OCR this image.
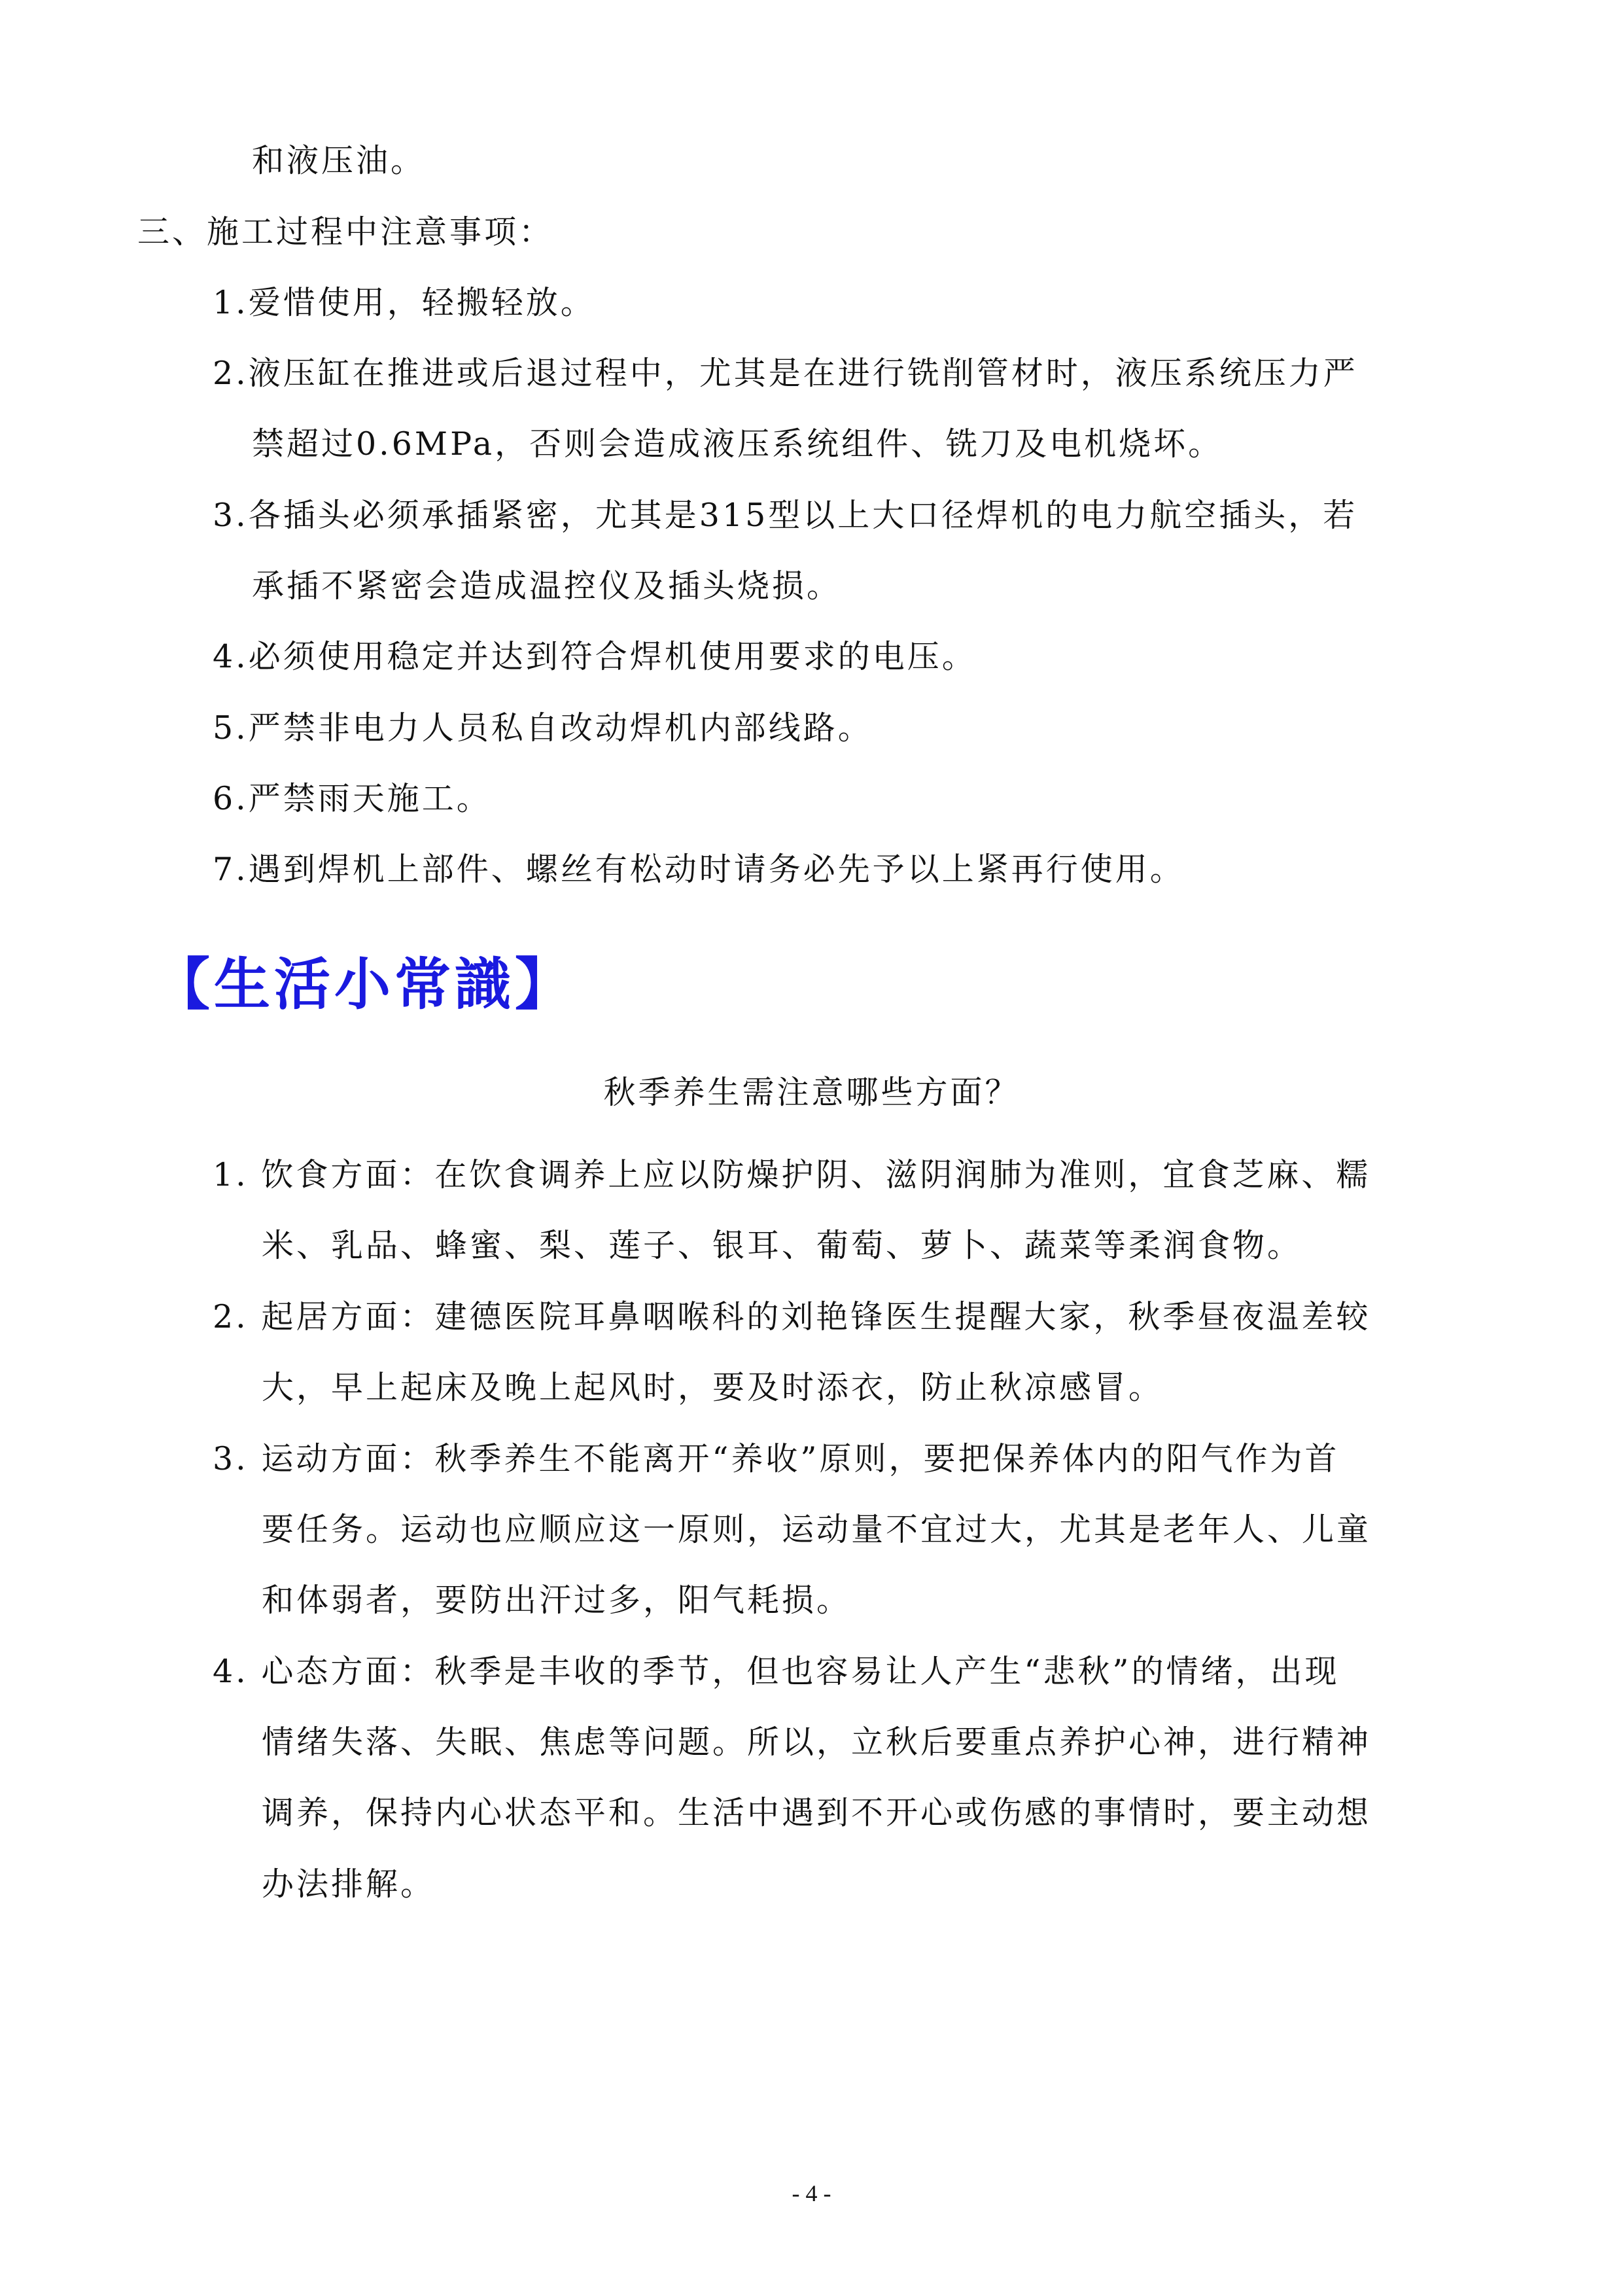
和液压油。
三、施工过程中注意事项：
1.爱惜使用，轻搬轻放。
2.液压缸在推进或后退过程中，尤其是在进行铣削管材时，液压系统压力严
禁超过0.6MPa，否则会造成液压系统组件、铣刀及电机烧坏。
3.各插头必须承插紧密，尤其是315型以上大口径焊机的电力航空插头，若
承插不紧密会造成温控仪及插头烧损。
4.必须使用稳定并达到符合焊机使用要求的电压。
5.严禁非电力人员私自改动焊机内部线路。
6.严禁雨天施工。
7.遇到焊机上部件、螺丝有松动时请务必先予以上紧再行使用。
【生活小常識】
秋季养生需注意哪些方面？
1. 饮食方面：在饮食调养上应以防燥护阴、滋阴润肺为准则，宜食芝麻、糯
米、乳品、蜂蜜、梨、莲子、银耳、葡萄、萝卜、蔬菜等柔润食物。
2. 起居方面：建德医院耳鼻咽喉科的刘艳锋医生提醒大家，秋季昼夜温差较
大，早上起床及晚上起风时，要及时添衣，防止秋凉感冒。
3. 运动方面：秋季养生不能离开“养收”原则，要把保养体内的阳气作为首
要任务。运动也应顺应这一原则，运动量不宜过大，尤其是老年人、儿童
和体弱者，要防出汗过多，阳气耗损。
4. 心态方面：秋季是丰收的季节，但也容易让人产生“悲秋”的情绪，出现
情绪失落、失眠、焦虑等问题。所以，立秋后要重点养护心神，进行精神
调养，保持内心状态平和。生活中遇到不开心或伤感的事情时，要主动想
办法排解。
- 4 -
